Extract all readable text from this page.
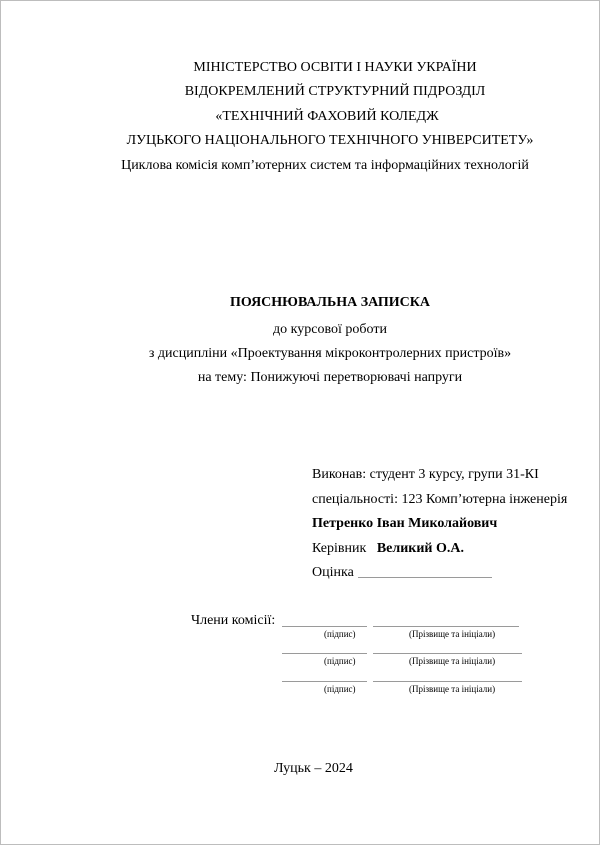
МІНІСТЕРСТВО ОСВІТИ І НАУКИ УКРАЇНИ
ВІДОКРЕМЛЕНИЙ СТРУКТУРНИЙ ПІДРОЗДІЛ
«ТЕХНІЧНИЙ ФАХОВИЙ КОЛЕДЖ
ЛУЦЬКОГО НАЦІОНАЛЬНОГО ТЕХНІЧНОГО УНІВЕРСИТЕТУ»
Циклова комісія комп’ютерних систем та інформаційних технологій
ПОЯСНЮВАЛЬНА ЗАПИСКА
до курсової роботи
з дисципліни «Проектування мікроконтролерних пристроїв»
на тему: Понижуючі перетворювачі напруги
Виконав: студент 3 курсу, групи 31-КІ
спеціальності: 123 Комп’ютерна інженерія
Петренко Іван Миколайович
Керівник Великий О.А.
Оцінка
Члени комісії:
(підпис)	(Прізвище та ініціали)
(підпис)	(Прізвище та ініціали)
(підпис)	(Прізвище та ініціали)
Луцьк – 2024
